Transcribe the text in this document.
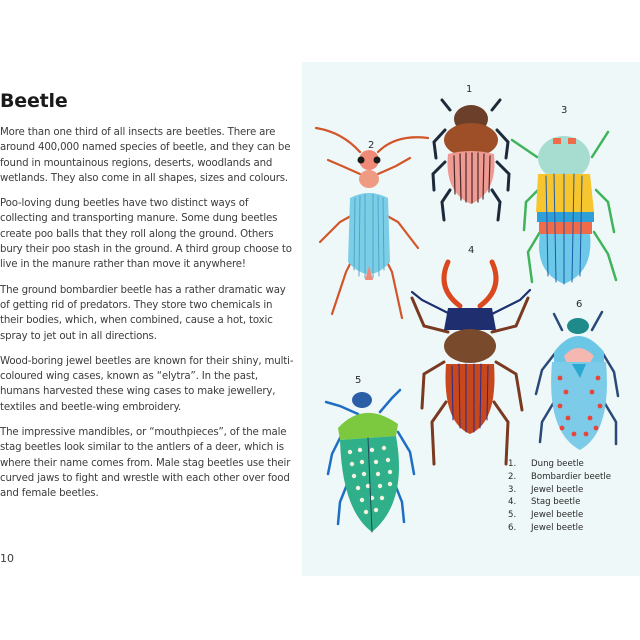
Beetle

More than one third of all insects are beetles. There are around 400,000 named species of beetle, and they can be found in mountainous regions, deserts, woodlands and wetlands. They also come in all shapes, sizes and colours.

Poo-loving dung beetles have two distinct ways of collecting and transporting manure. Some dung beetles create poo balls that they roll along the ground. Others bury their poo stash in the ground. A third group choose to live in the manure rather than move it anywhere!

The ground bombardier beetle has a rather dramatic way of getting rid of predators. They store two chemicals in their bodies, which, when combined, cause a hot, toxic spray to jet out in all directions.

Wood-boring jewel beetles are known for their shiny, multi-coloured wing cases, known as “elytra”. In the past, humans harvested these wing cases to make jewellery, textiles and beetle-wing embroidery.

The impressive mandibles, or “mouthpieces”, of the male stag beetles look similar to the antlers of a deer, which is where their name comes from. Male stag beetles use their curved jaws to fight and wrestle with each other over food and female beetles.

10
1
2
3
4
5
6
1.	Dung beetle
2.	Bombardier beetle
3.	Jewel beetle
4.	Stag beetle
5.	Jewel beetle
6.	Jewel beetle
